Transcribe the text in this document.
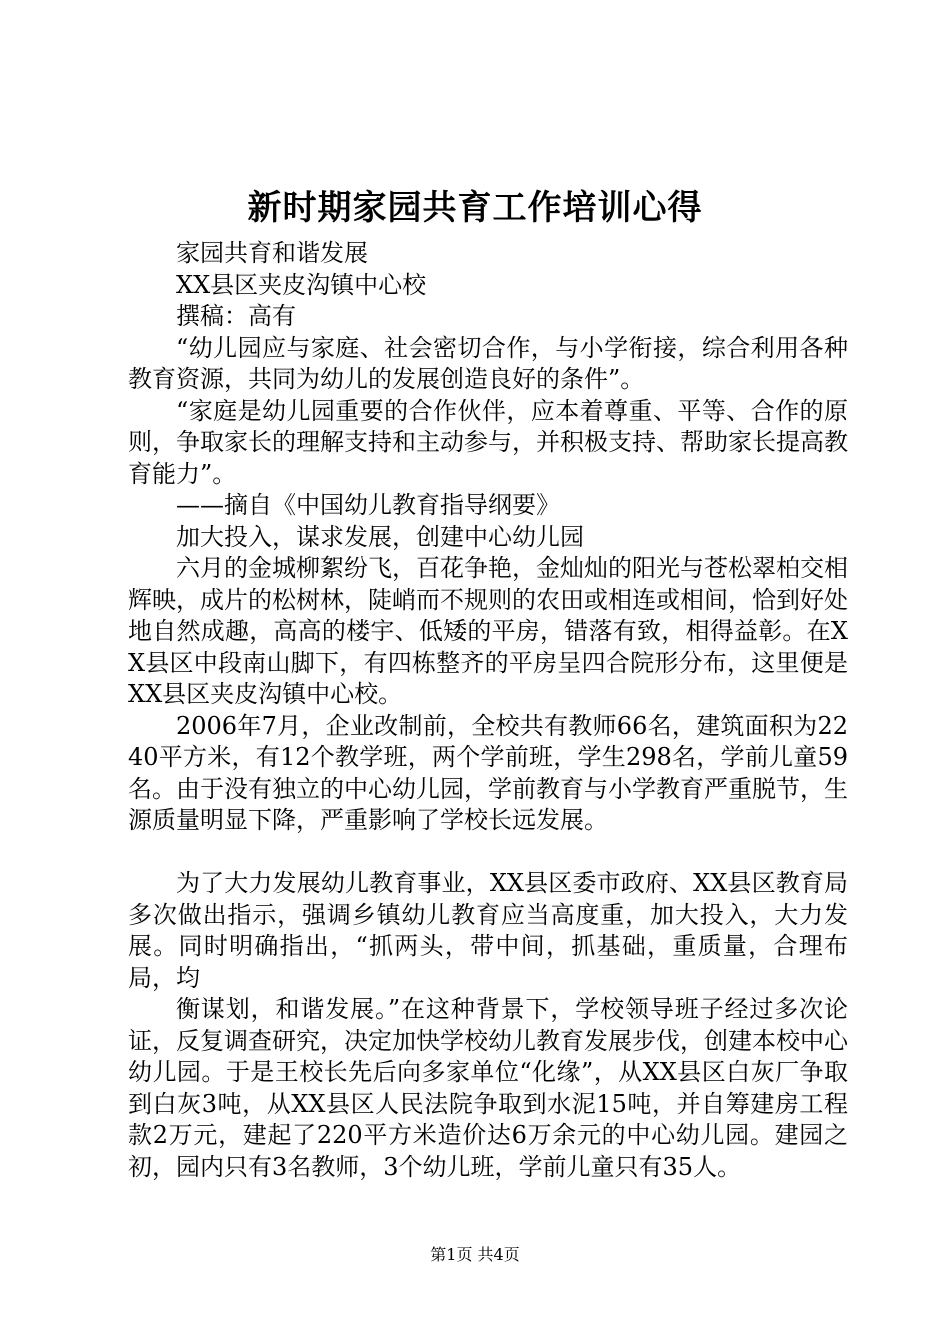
新时期家园共育工作培训心得

家园共育和谐发展

XX县区夹皮沟镇中心校

撰稿：高有

“幼儿园应与家庭、社会密切合作，与小学衔接，综合利用各种教育资源，共同为幼儿的发展创造良好的条件”。

“家庭是幼儿园重要的合作伙伴，应本着尊重、平等、合作的原则，争取家长的理解支持和主动参与，并积极支持、帮助家长提高教育能力”。

——摘自《中国幼儿教育指导纲要》

加大投入，谋求发展，创建中心幼儿园

六月的金城柳絮纷飞，百花争艳，金灿灿的阳光与苍松翠柏交相辉映，成片的松树林，陡峭而不规则的农田或相连或相间，恰到好处地自然成趣，高高的楼宇、低矮的平房，错落有致，相得益彰。在XX县区中段南山脚下，有四栋整齐的平房呈四合院形分布，这里便是XX县区夹皮沟镇中心校。

2006年7月，企业改制前，全校共有教师66名，建筑面积为2240平方米，有12个教学班，两个学前班，学生298名，学前儿童59名。由于没有独立的中心幼儿园，学前教育与小学教育严重脱节，生源质量明显下降，严重影响了学校长远发展。

为了大力发展幼儿教育事业，XX县区委市政府、XX县区教育局多次做出指示，强调乡镇幼儿教育应当高度重，加大投入，大力发展。同时明确指出，“抓两头，带中间，抓基础，重质量，合理布局，均

衡谋划，和谐发展。”在这种背景下，学校领导班子经过多次论证，反复调查研究，决定加快学校幼儿教育发展步伐，创建本校中心幼儿园。于是王校长先后向多家单位“化缘”，从XX县区白灰厂争取到白灰3吨，从XX县区人民法院争取到水泥15吨，并自筹建房工程款2万元，建起了220平方米造价达6万余元的中心幼儿园。建园之初，园内只有3名教师，3个幼儿班，学前儿童只有35人。

第1页 共4页
